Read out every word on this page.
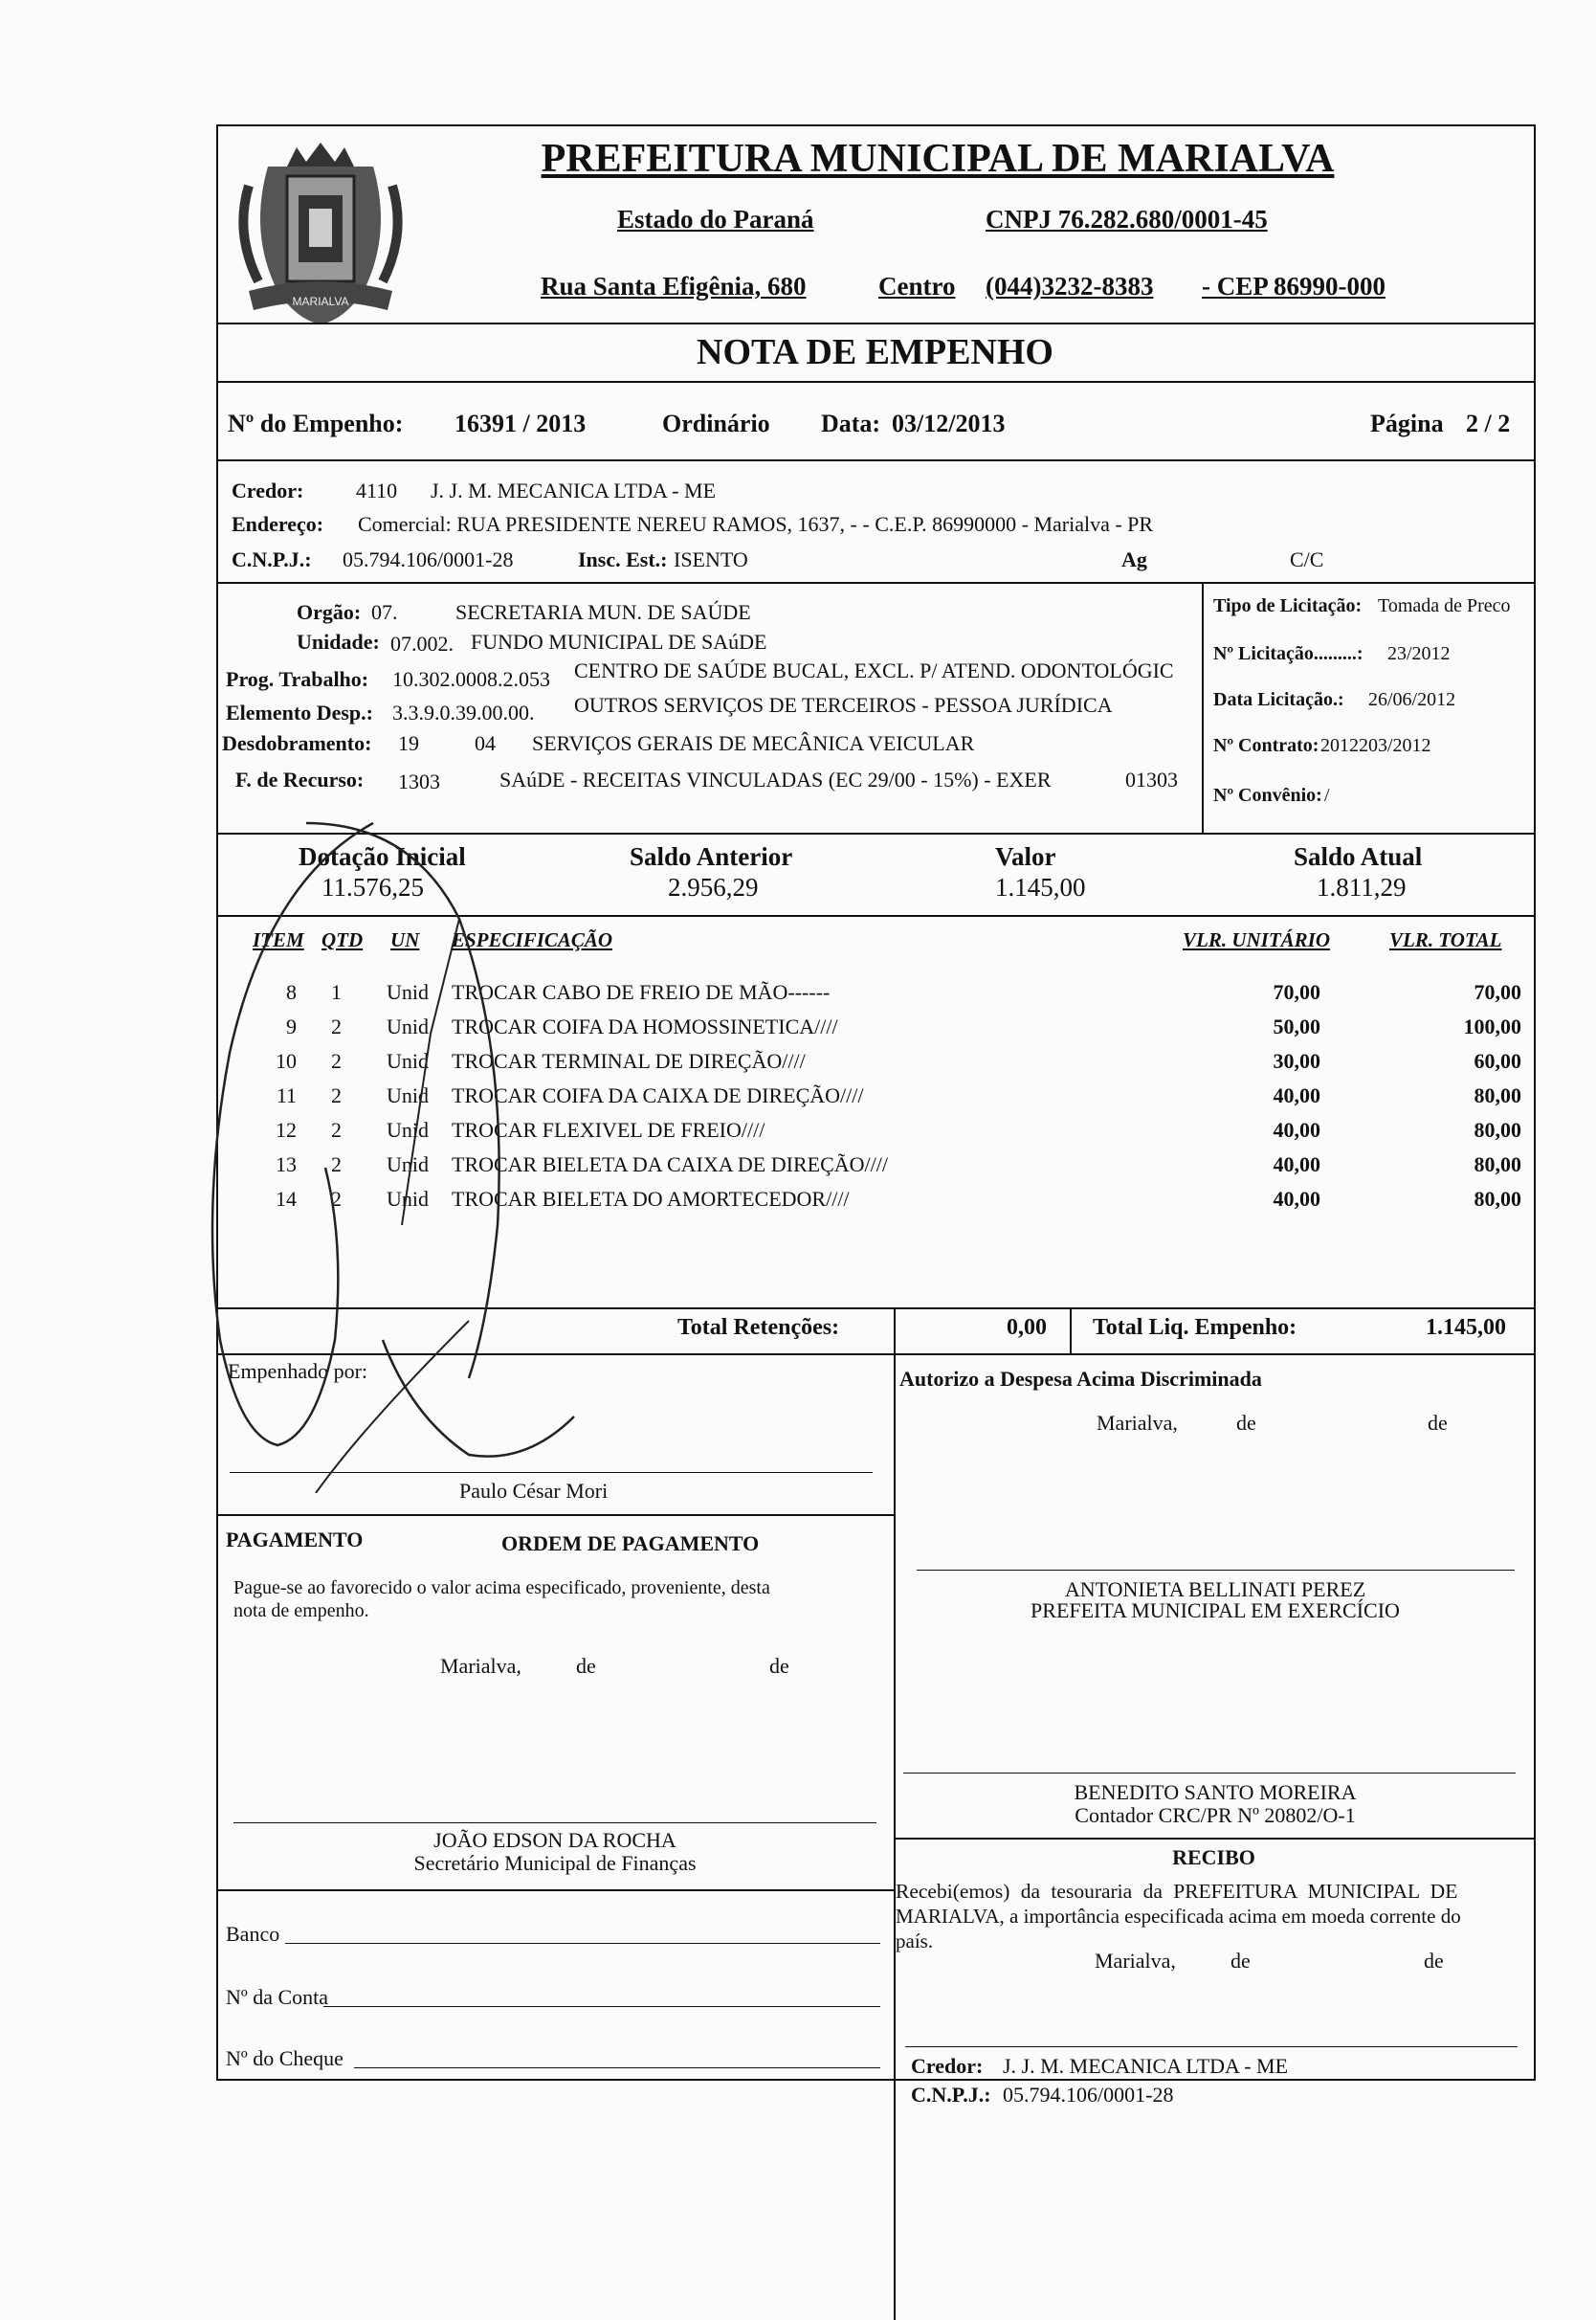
MARIALVA
PREFEITURA MUNICIPAL DE MARIALVA
Estado do Paraná	CNPJ 76.282.680/0001-45
Rua Santa Efigênia, 680	Centro (044)3232-8383 - CEP 86990-000
NOTA DE EMPENHO
Nº do Empenho: 16391 / 2013	Ordinário Data: 03/12/2013	Página 2 / 2
Credor: 4110 J. J. M. MECANICA LTDA - ME
Endereço: Comercial: RUA PRESIDENTE NEREU RAMOS, 1637, - - C.E.P. 86990000 - Marialva - PR
C.N.P.J.: 05.794.106/0001-28	Insc. Est.: ISENTO	Ag	C/C
Orgão: 07.	SECRETARIA MUN. DE SAÚDE
Unidade: 07.002. FUNDO MUNICIPAL DE SAúDE
Prog. Trabalho: 10.302.0008.2.053 CENTRO DE SAÚDE BUCAL, EXCL. P/ ATEND. ODONTOLÓGIC
Elemento Desp.: 3.3.9.0.39.00.00. OUTROS SERVIÇOS DE TERCEIROS - PESSOA JURÍDICA
Desdobramento: 19	04 SERVIÇOS GERAIS DE MECÂNICA VEICULAR
F. de Recurso: 1303	SAúDE - RECEITAS VINCULADAS (EC 29/00 - 15%) - EXER	01303
Tipo de Licitação: Tomada de Preco
Nº Licitação.........: 23/2012
Data Licitação.: 26/06/2012
Nº Contrato: 2012203/2012
Nº Convênio: /
Dotação Inicial
11.576,25
Saldo Anterior
2.956,29
Valor
1.145,00
Saldo Atual
1.811,29
ITEM QTD UN ESPECIFICAÇÃO	VLR. UNITÁRIO	VLR. TOTAL
8 1 Unid TROCAR CABO DE FREIO DE MÃO------	70,00	70,00
9 2 Unid TROCAR COIFA DA HOMOSSINETICA////	50,00	100,00
10 2 Unid TROCAR TERMINAL DE DIREÇÃO////	30,00	60,00
11 2 Unid TROCAR COIFA DA CAIXA DE DIREÇÃO////	40,00	80,00
12 2 Unid TROCAR FLEXIVEL DE FREIO////	40,00	80,00
13 2 Unid TROCAR BIELETA DA CAIXA DE DIREÇÃO////	40,00	80,00
14 2 Unid TROCAR BIELETA DO AMORTECEDOR////	40,00	80,00
Total Retenções:	0,00 Total Liq. Empenho:	1.145,00
Empenhado por:
Paulo César Mori
Autorizo a Despesa Acima Discriminada
Marialva,	de	de
PAGAMENTO	ORDEM DE PAGAMENTO
Pague-se ao favorecido o valor acima especificado, proveniente, desta
nota de empenho.
Marialva,	de	de
ANTONIETA BELLINATI PEREZ
PREFEITA MUNICIPAL EM EXERCÍCIO
BENEDITO SANTO MOREIRA
Contador CRC/PR Nº 20802/O-1
JOÃO EDSON DA ROCHA
Secretário Municipal de Finanças	RECIBO
Recebi(emos) da tesouraria da PREFEITURA MUNICIPAL DE
MARIALVA, a importância especificada acima em moeda corrente do
país.
Marialva,	de	de
Banco
Nº da Conta
Nº do Cheque	Credor: J. J. M. MECANICA LTDA - ME
C.N.P.J.: 05.794.106/0001-28
